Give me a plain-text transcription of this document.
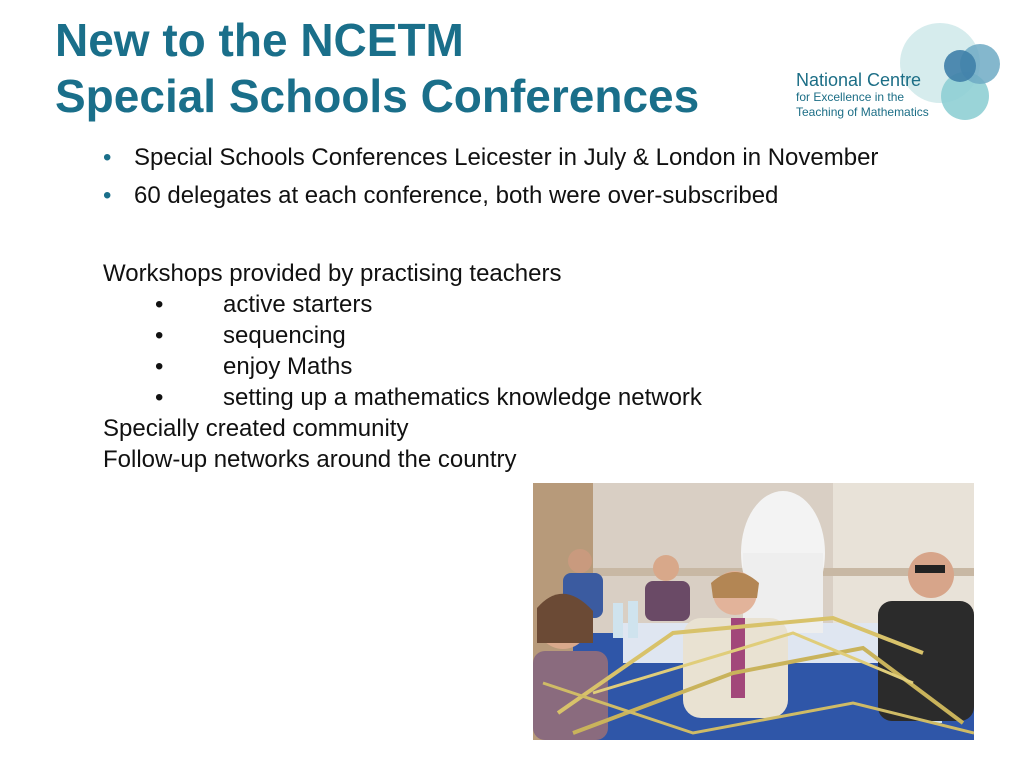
New to the NCETM
Special Schools Conferences	National Centre
for Excellence in the
Teaching of Mathematics
• Special Schools Conferences Leicester in July & London in November
• 60 delegates at each conference, both were over-subscribed
Workshops provided by practising teachers
• active starters
• sequencing
• enjoy Maths
• setting up a mathematics knowledge network
Specially created community
Follow-up networks around the country
